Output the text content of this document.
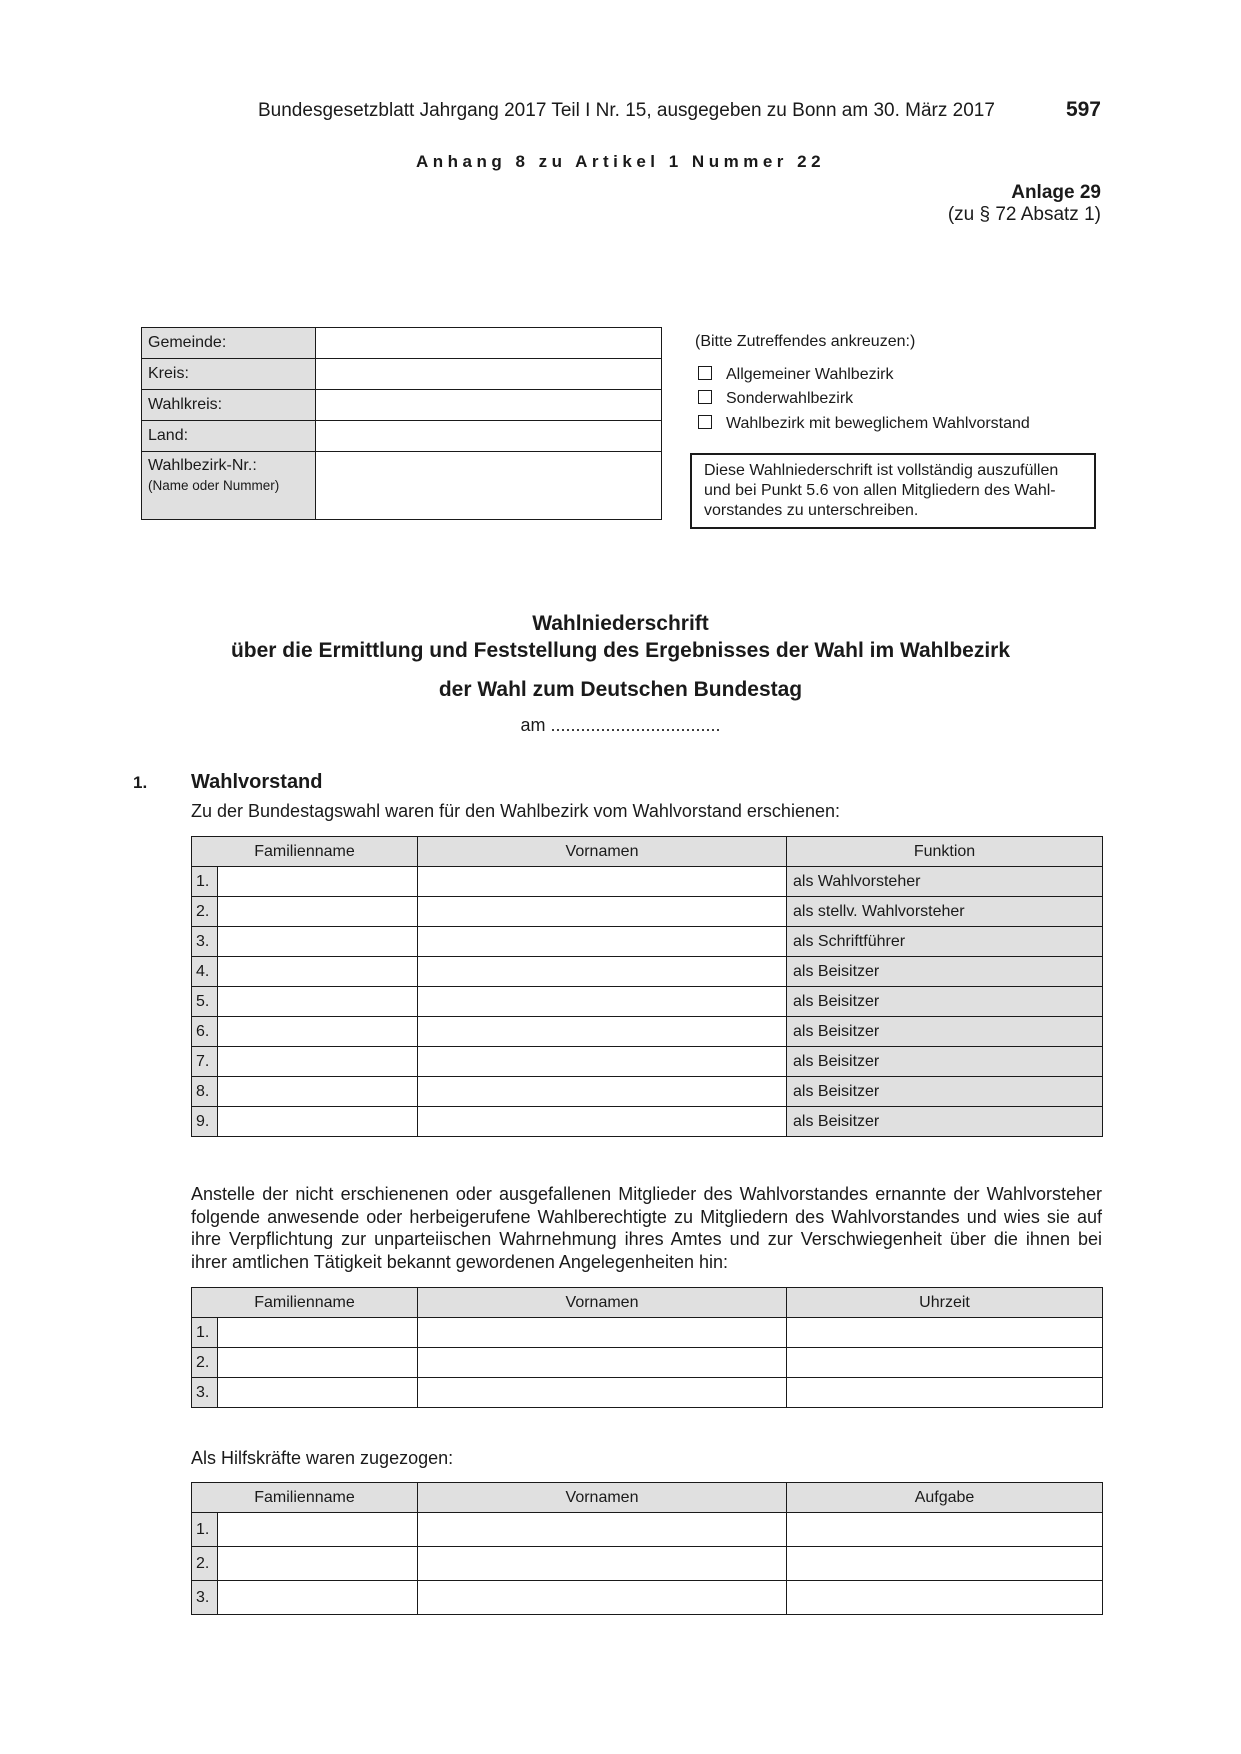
Bundesgesetzblatt Jahrgang 2017 Teil I Nr. 15, ausgegeben zu Bonn am 30. März 2017	597
Anhang 8 zu Artikel 1 Nummer 22
Anlage 29
(zu § 72 Absatz 1)
Gemeinde:	
Kreis:	
Wahlkreis:	
Land:	
Wahlbezirk-Nr.:
(Name oder Nummer)	

(Bitte Zutreffendes ankreuzen:)
Allgemeiner Wahlbezirk
Sonderwahlbezirk
Wahlbezirk mit beweglichem Wahlvorstand
Diese Wahlniederschrift ist vollständig auszufüllen und bei Punkt 5.6 von allen Mitgliedern des Wahlvorstandes zu unterschreiben.
Wahlniederschrift
über die Ermittlung und Feststellung des Ergebnisses der Wahl im Wahlbezirk
der Wahl zum Deutschen Bundestag
am ..................................
1. Wahlvorstand
Zu der Bundestagswahl waren für den Wahlbezirk vom Wahlvorstand erschienen:
Familienname		Vornamen	Funktion
1.			als Wahlvorsteher
2.			als stellv. Wahlvorsteher
3.			als Schriftführer
4.			als Beisitzer
5.			als Beisitzer
6.			als Beisitzer
7.			als Beisitzer
8.			als Beisitzer
9.			als Beisitzer
Anstelle der nicht erschienenen oder ausgefallenen Mitglieder des Wahlvorstandes ernannte der Wahlvorsteher folgende anwesende oder herbeigerufene Wahlberechtigte zu Mitgliedern des Wahlvorstandes und wies sie auf ihre Verpflichtung zur unparteiischen Wahrnehmung ihres Amtes und zur Verschwiegenheit über die ihnen bei ihrer amtlichen Tätigkeit bekannt gewordenen Angelegenheiten hin:
Familienname		Vornamen	Uhrzeit
1.			
2.			
3.			
Als Hilfskräfte waren zugezogen:
Familienname		Vornamen	Aufgabe
1.			
2.			
3.			
